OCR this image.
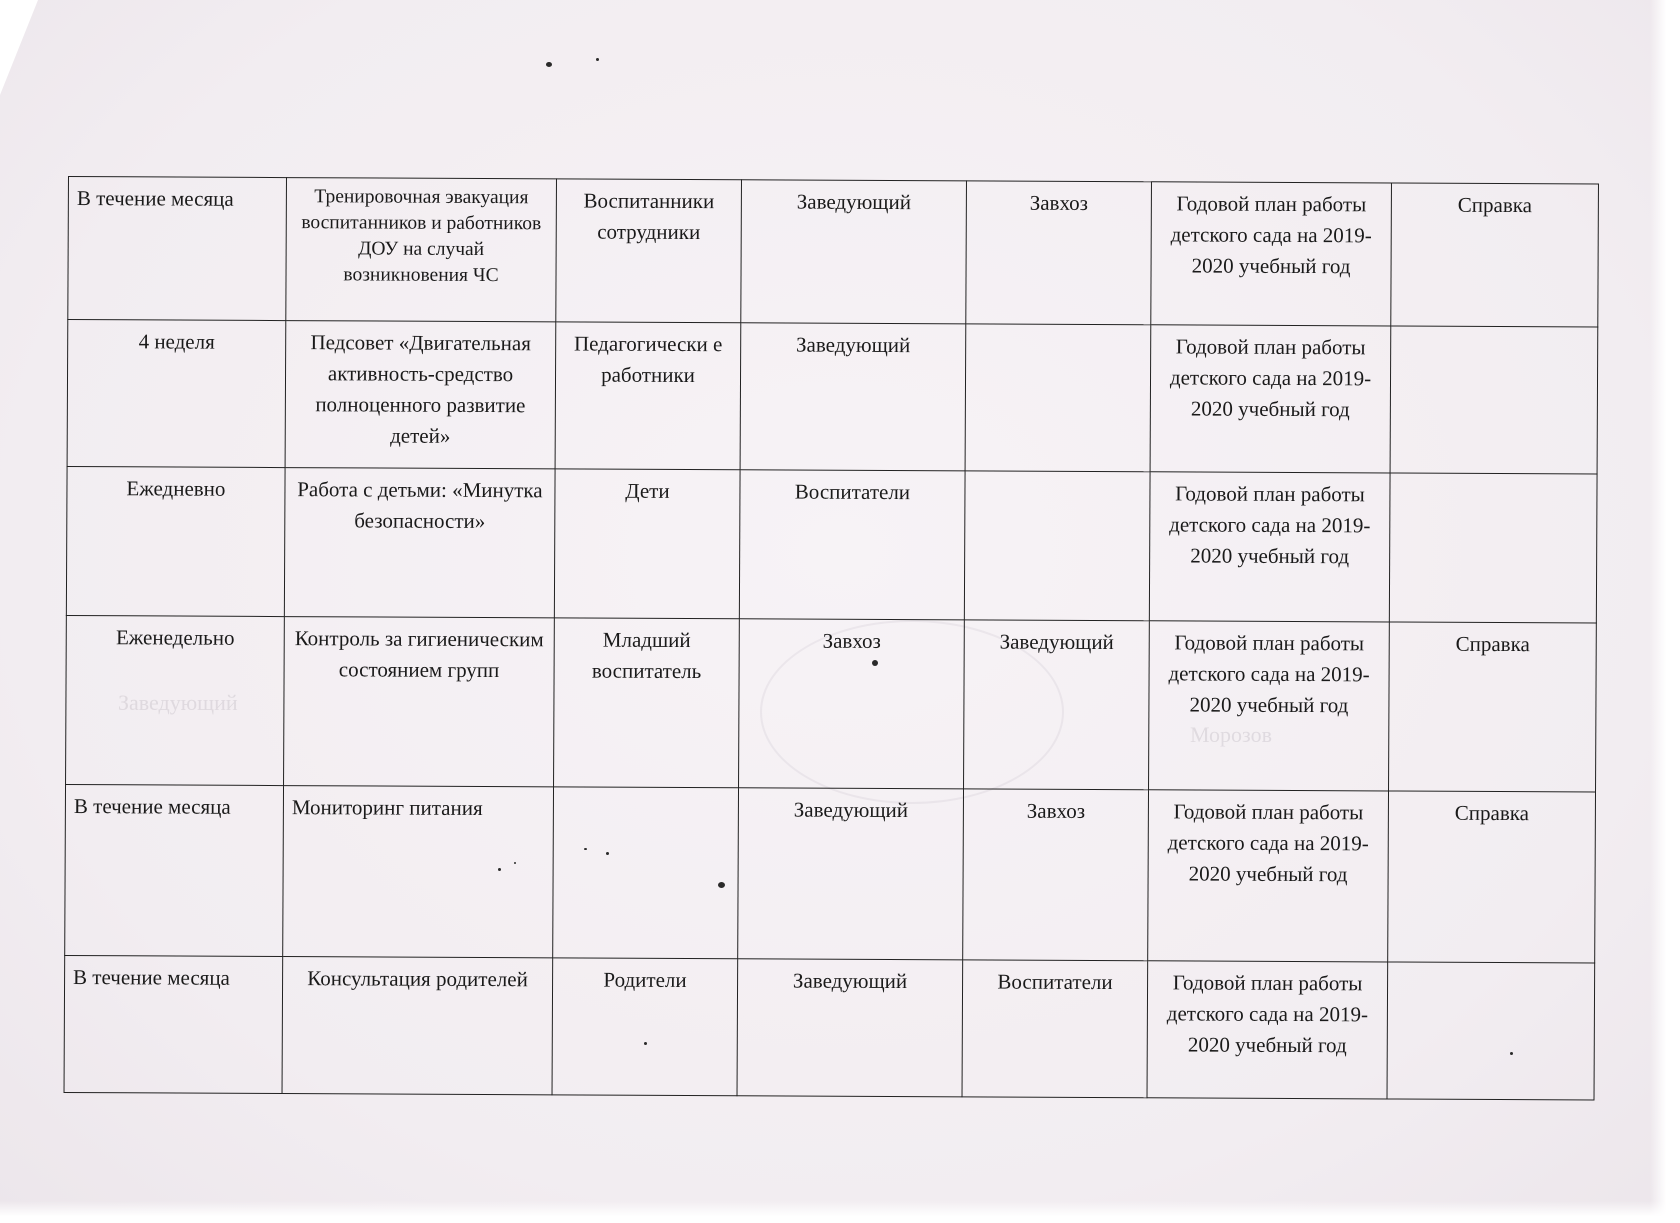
Заведующий
Морозов
В течение месяца	Тренировочная эвакуация воспитанников и работников ДОУ на случай возникновения ЧС	Воспитанники сотрудники	Заведующий	Завхоз	Годовой план работы детского сада на 2019-2020 учебный год	Справка
4 неделя	Педсовет «Двигательная активность-средство полноценного развитие детей»	Педагогически е работники	Заведующий		Годовой план работы детского сада на 2019-2020 учебный год	
Ежедневно	Работа с детьми: «Минутка безопасности»	Дети	Воспитатели		Годовой план работы детского сада на 2019-2020 учебный год	
Еженедельно	Контроль за гигиеническим состоянием групп	Младший воспитатель	Завхоз	Заведующий	Годовой план работы детского сада на 2019-2020 учебный год	Справка
В течение месяца	Мониторинг питания		Заведующий	Завхоз	Годовой план работы детского сада на 2019-2020 учебный год	Справка
В течение месяца	Консультация родителей	Родители	Заведующий	Воспитатели	Годовой план работы детского сада на 2019-2020 учебный год	
